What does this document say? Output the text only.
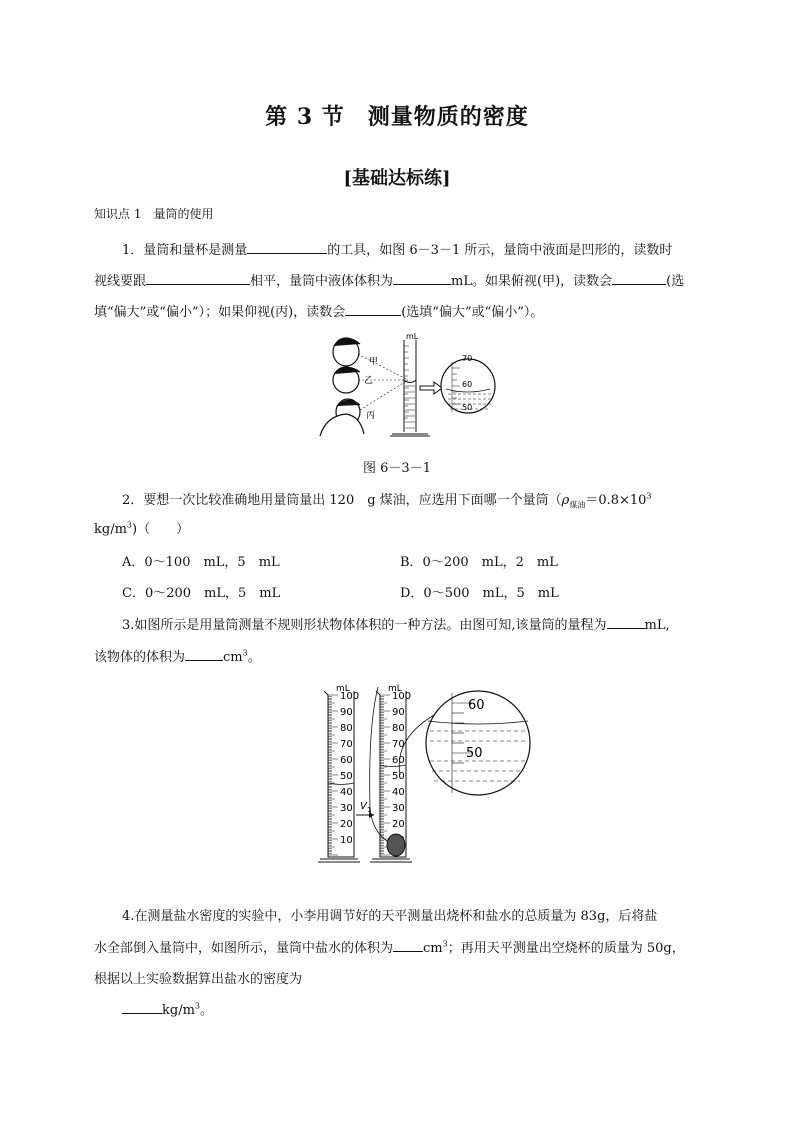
第 3 节　测量物质的密度
[基础达标练]
知识点 1　量筒的使用
1．量筒和量杯是测量	的工具，如图 6－3－1 所示，量筒中液面是凹形的，读数时
视线要跟	相平，量筒中液体体积为	mL。如果俯视(甲)，读数会	(选
填“偏大”或“偏小”）；如果仰视(丙)，读数会	(选填“偏大”或“偏小”）。
甲
乙
丙
mL
70
60
50
图 6－3－1
2．要想一次比较准确地用量筒量出 120　g 煤油，应选用下面哪一个量筒（$\rho_{煤油}=0.8\times 10^3$
$kg/m^3$)（　　）
A．0～100　mL，5　mL	B．0～200　mL，2　mL
C．0～200　mL，5　mL	D．0～500　mL，5　mL
3.如图所示是用量筒测量不规则形状物体体积的一种方法。由图可知,该量筒的量程为	mL,
该物体的体积为	$cm^3$。
100
90
80
70
60
50
40
30
20
10
100
90
80
70
60
50
40
30
20
mL	mL
V 1
60
50
4.在测量盐水密度的实验中，小李用调节好的天平测量出烧杯和盐水的总质量为 83g，后将盐
水全部倒入量筒中，如图所示，量筒中盐水的体积为 $cm^3$；再用天平测量出空烧杯的质量为 50g，
根据以上实验数据算出盐水的密度为
$kg/m^3$。
